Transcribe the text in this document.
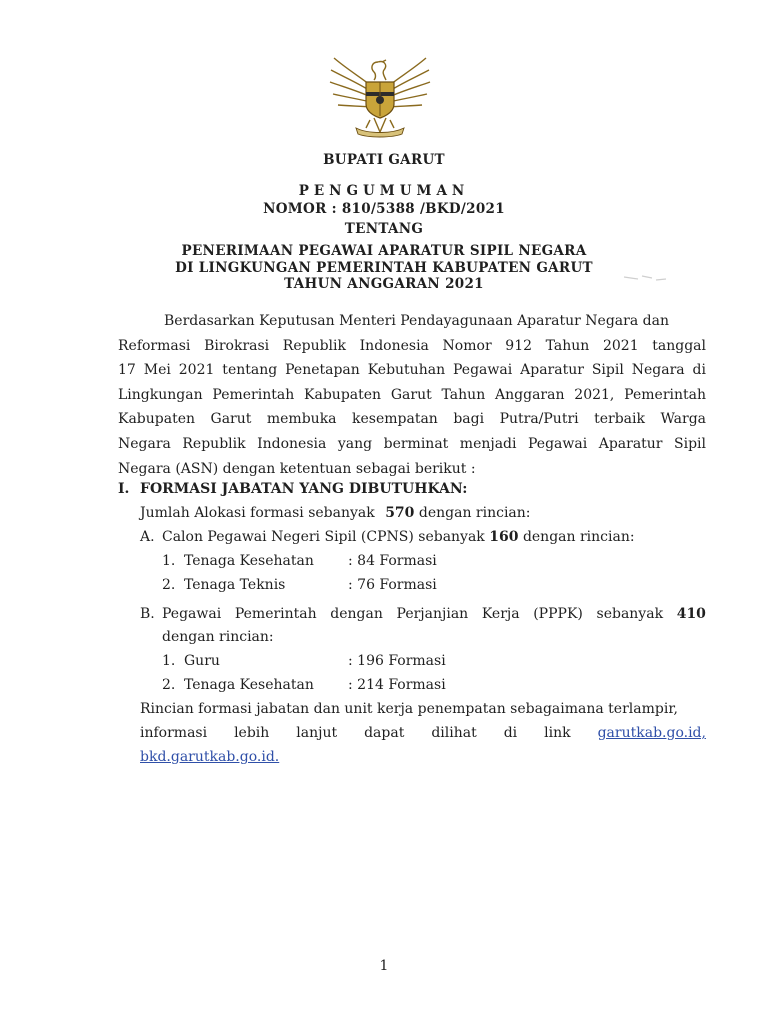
BUPATI GARUT
PENGUMUMAN
NOMOR : 810/5388 /BKD/2021
TENTANG
PENERIMAAN PEGAWAI APARATUR SIPIL NEGARA
DI LINGKUNGAN PEMERINTAH KABUPATEN GARUT
TAHUN ANGGARAN 2021
Berdasarkan Keputusan Menteri Pendayagunaan Aparatur Negara dan
Reformasi Birokrasi Republik Indonesia Nomor 912 Tahun 2021 tanggal
17 Mei 2021 tentang Penetapan Kebutuhan Pegawai Aparatur Sipil Negara di
Lingkungan Pemerintah Kabupaten Garut Tahun Anggaran 2021, Pemerintah
Kabupaten Garut membuka kesempatan bagi Putra/Putri terbaik Warga
Negara Republik Indonesia yang berminat menjadi Pegawai Aparatur Sipil
Negara (ASN) dengan ketentuan sebagai berikut :
I. FORMASI JABATAN YANG DIBUTUHKAN:
Jumlah Alokasi formasi sebanyak 570 dengan rincian:
A. Calon Pegawai Negeri Sipil (CPNS) sebanyak 160 dengan rincian:
1. Tenaga Kesehatan : 84 Formasi
2. Tenaga Teknis	: 76 Formasi
B. Pegawai Pemerintah dengan Perjanjian Kerja (PPPK) sebanyak 410
dengan rincian:
1. Guru	: 196 Formasi
2. Tenaga Kesehatan : 214 Formasi
Rincian formasi jabatan dan unit kerja penempatan sebagaimana terlampir,
informasi lebih lanjut dapat dilihat di link garutkab.go.id,
bkd.garutkab.go.id.
1
